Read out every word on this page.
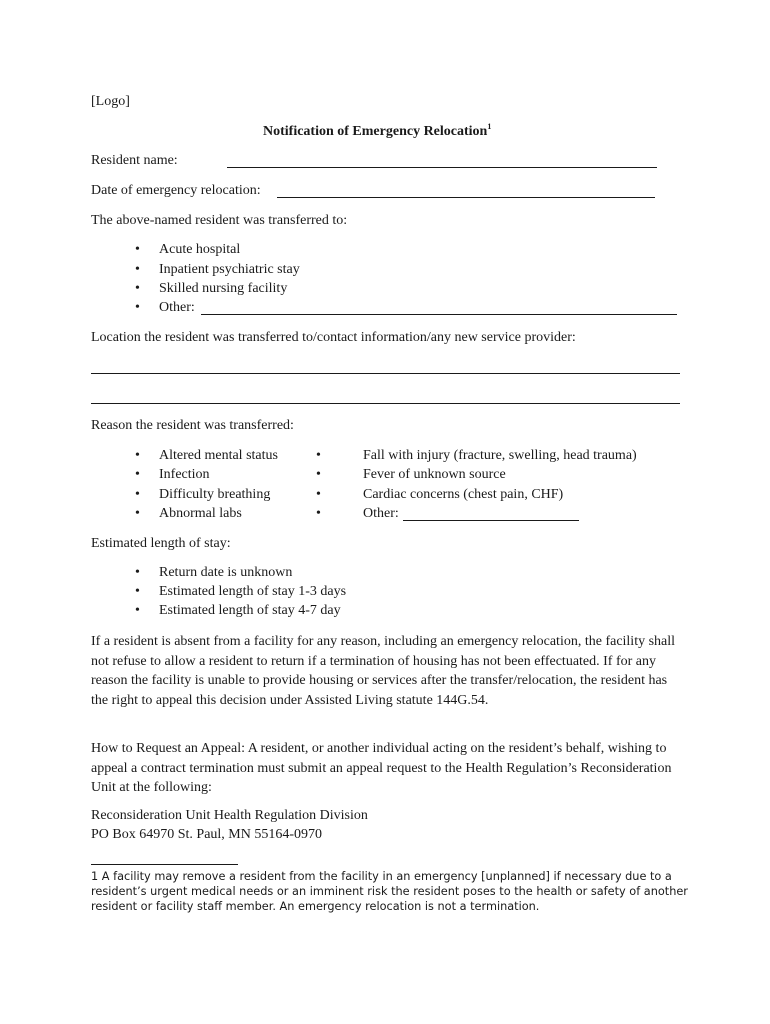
[Logo]
Notification of Emergency Relocation$^1$
Resident name:
Date of emergency relocation:
The above-named resident was transferred to:
• Acute hospital
• Inpatient psychiatric stay
• Skilled nursing facility
• Other:
Location the resident was transferred to/contact information/any new service provider:
Reason the resident was transferred:
• Altered mental status
• Infection
• Difficulty breathing
• Abnormal labs
•	Fall with injury (fracture, swelling, head trauma)
•	Fever of unknown source
•	Cardiac concerns (chest pain, CHF)
•	Other:
Estimated length of stay:
• Return date is unknown
• Estimated length of stay 1-3 days
• Estimated length of stay 4-7 day
If a resident is absent from a facility for any reason, including an emergency relocation, the facility shall not refuse to allow a resident to return if a termination of housing has not been effectuated. If for any reason the facility is unable to provide housing or services after the transfer/relocation, the resident has the right to appeal this decision under Assisted Living statute 144G.54.
How to Request an Appeal: A resident, or another individual acting on the resident’s behalf, wishing to appeal a contract termination must submit an appeal request to the Health Regulation’s Reconsideration Unit at the following:
Reconsideration Unit Health Regulation Division
PO Box 64970 St. Paul, MN 55164-0970
1 A facility may remove a resident from the facility in an emergency [unplanned] if necessary due to a resident’s urgent medical needs or an imminent risk the resident poses to the health or safety of another resident or facility staff member. An emergency relocation is not a termination.
